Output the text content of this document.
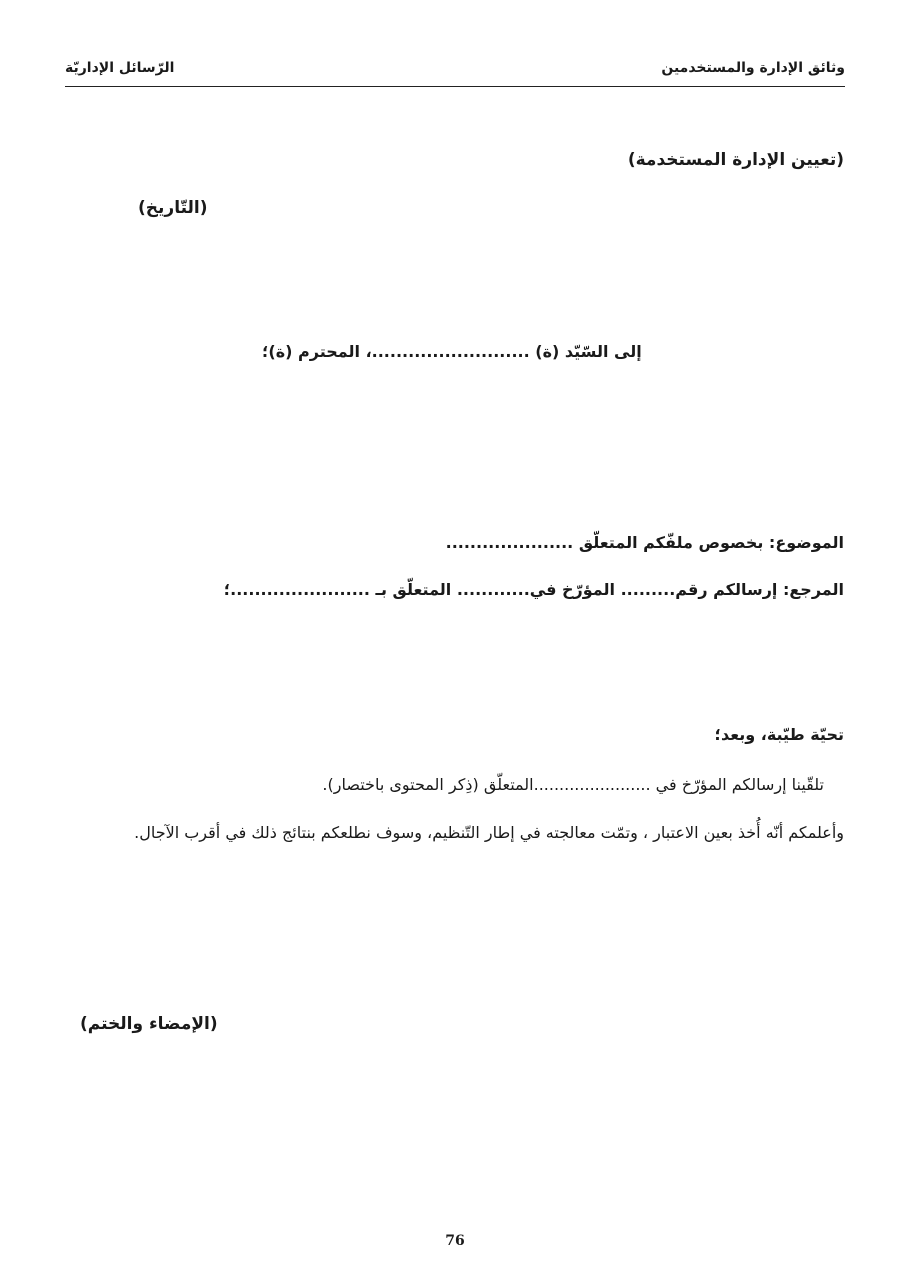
وثائق الإدارة والمستخدمين
الرّسائل الإداريّة
(تعيين الإدارة المستخدمة)
(التّاريخ)
إلى السّيّد (ة) ..........................، المحترم (ة)؛
الموضوع: بخصوص ملفّكم المتعلّق .....................
المرجع: إرسالكم رقم......... المؤرّخ في............ المتعلّق بـ .......................؛
تحيّة طيّبة، وبعد؛
تلقّينا إرسالكم المؤرّخ في .......................المتعلّق (ذِكر المحتوى باختصار).
وأعلمكم أنّه أُخذ بعين الاعتبار ، وتمّت معالجته في إطار التّنظيم، وسوف نطلعكم بنتائج ذلك في أقرب الآجال.
(الإمضاء والختم)
76
